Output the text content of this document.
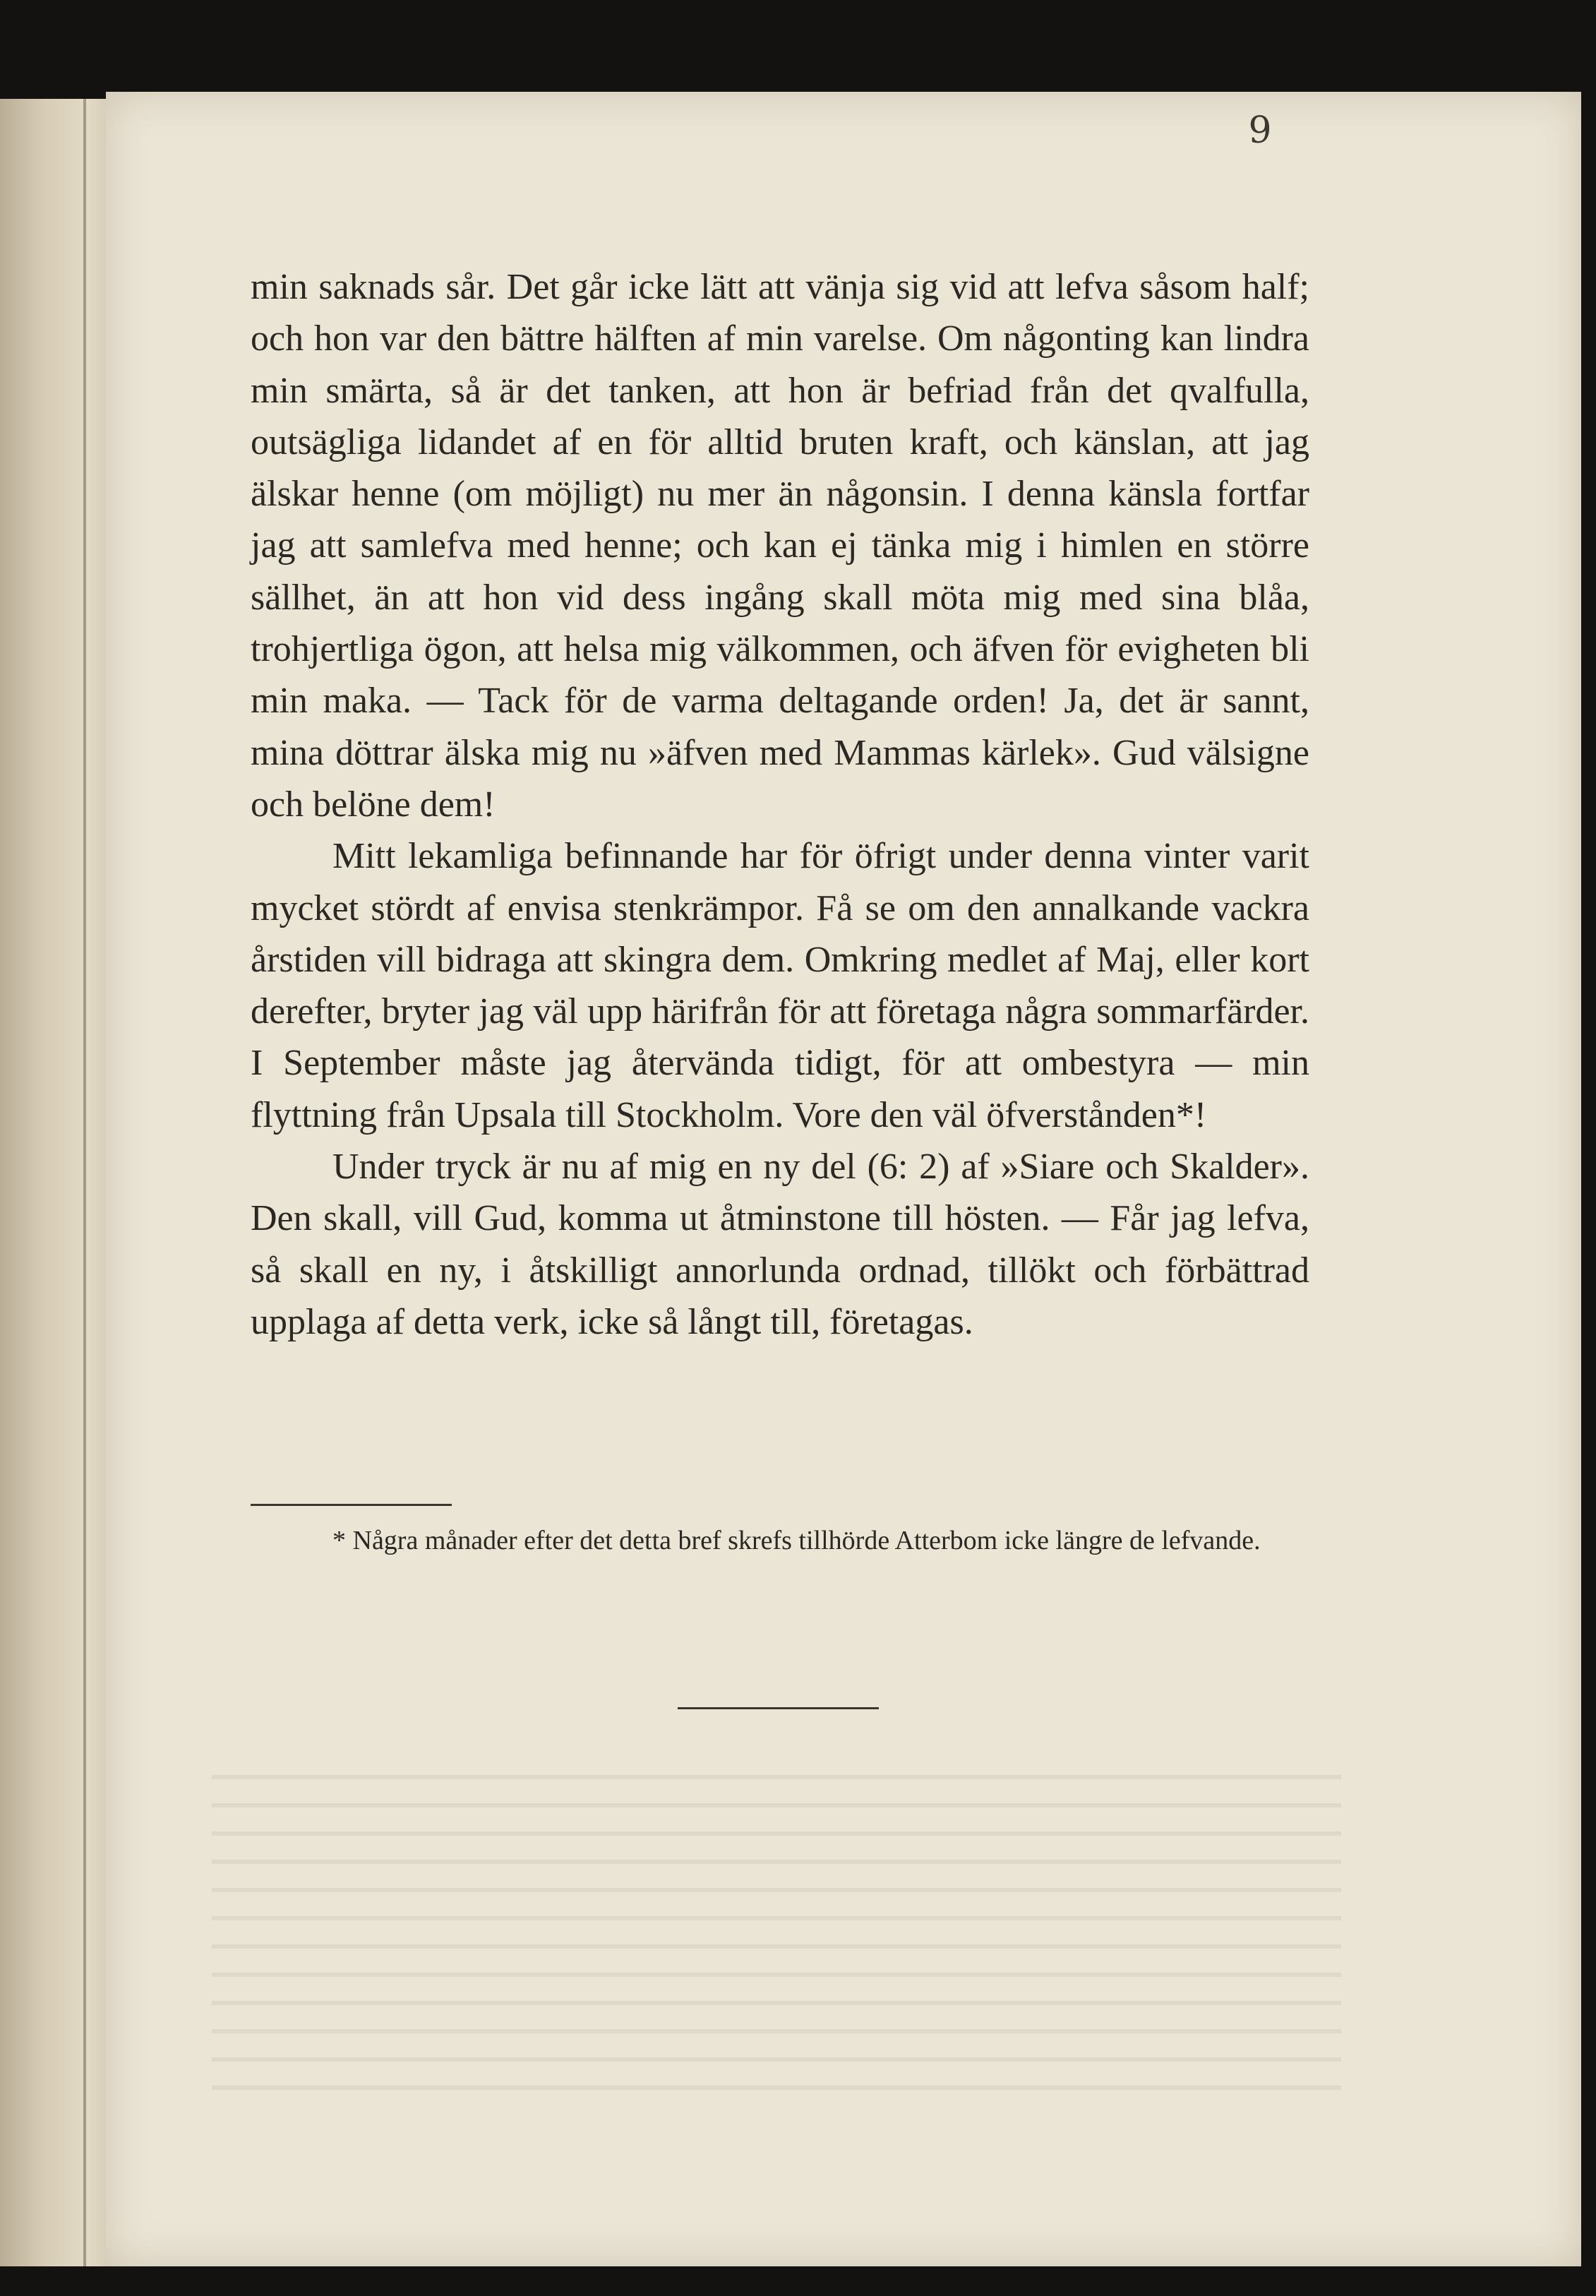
9

min saknads sår. Det går icke lätt att vänja sig vid att lefva såsom half; och hon var den bättre hälften af min varelse. Om någonting kan lindra min smärta, så är det tanken, att hon är befriad från det qvalfulla, outsägliga lidandet af en för alltid bruten kraft, och känslan, att jag älskar henne (om möjligt) nu mer än någonsin. I denna känsla fortfar jag att samlefva med henne; och kan ej tänka mig i himlen en större sällhet, än att hon vid dess ingång skall möta mig med sina blåa, trohjertliga ögon, att helsa mig välkommen, och äfven för evigheten bli min maka. — Tack för de varma deltagande orden! Ja, det är sannt, mina döttrar älska mig nu »äfven med Mammas kärlek». Gud välsigne och belöne dem!

Mitt lekamliga befinnande har för öfrigt under denna vinter varit mycket stördt af envisa stenkrämpor. Få se om den annalkande vackra årstiden vill bidraga att skingra dem. Omkring medlet af Maj, eller kort derefter, bryter jag väl upp härifrån för att företaga några sommarfärder. I September måste jag återvända tidigt, för att ombestyra — min flyttning från Upsala till Stockholm. Vore den väl öfverstånden*!

Under tryck är nu af mig en ny del (6: 2) af »Siare och Skalder». Den skall, vill Gud, komma ut åtminstone till hösten. — Får jag lefva, så skall en ny, i åtskilligt annorlunda ordnad, tillökt och förbättrad upplaga af detta verk, icke så långt till, företagas.

* Några månader efter det detta bref skrefs tillhörde Atterbom icke längre de lefvande.
